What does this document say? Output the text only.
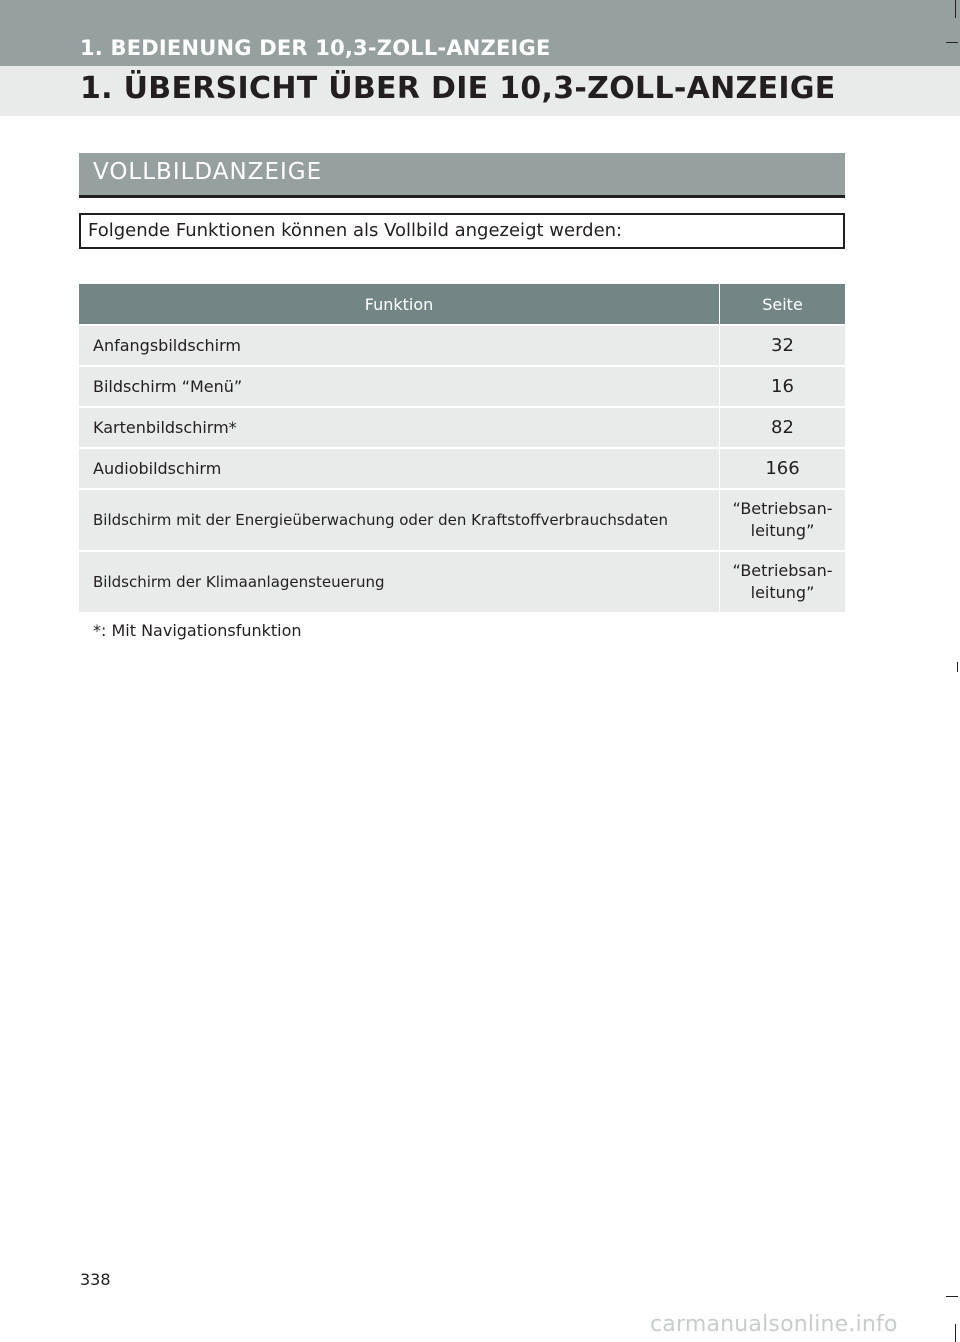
1. BEDIENUNG DER 10,3-ZOLL-ANZEIGE
1. ÜBERSICHT ÜBER DIE 10,3-ZOLL-ANZEIGE
VOLLBILDANZEIGE
Folgende Funktionen können als Vollbild angezeigt werden:
Funktion	Seite
Anfangsbildschirm	32
Bildschirm “Menü”	16
Kartenbildschirm*	82
Audiobildschirm	166
Bildschirm mit der Energieüberwachung oder den Kraftstoffverbrauchsdaten	“Betriebsan-
leitung”
Bildschirm der Klimaanlagensteuerung	“Betriebsan-
leitung”
*: Mit Navigationsfunktion
338
carmanualsonline.info
